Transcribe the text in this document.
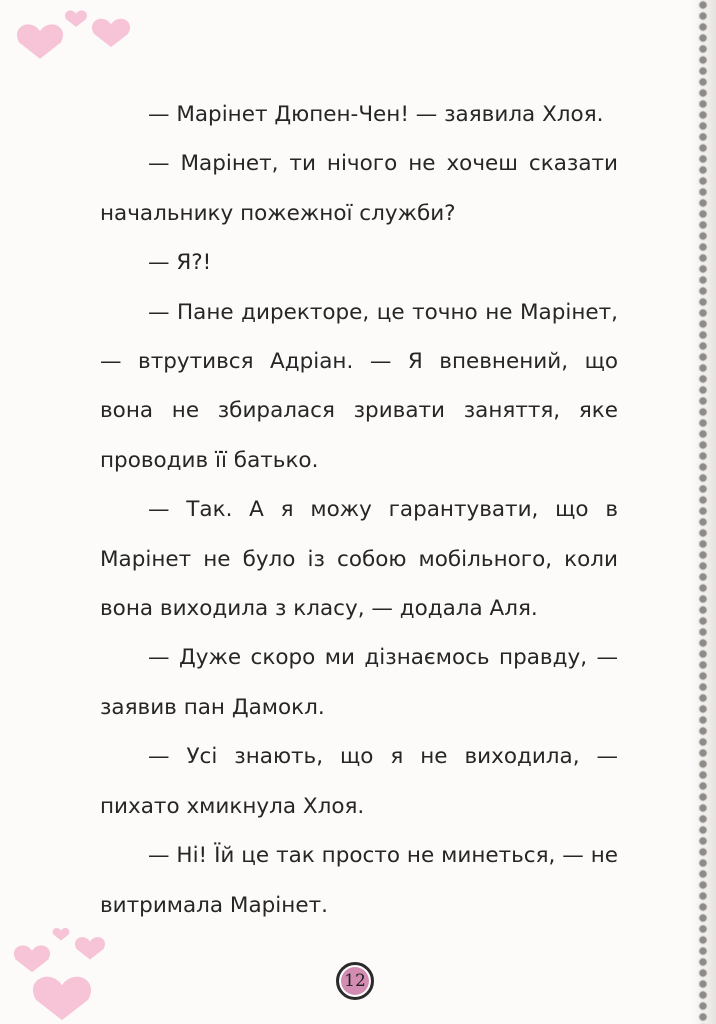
— Марінет Дюпен-Чен! — заявила Хлоя.

— Марінет, ти нічого не хочеш сказати начальнику пожежної служби?

— Я?!

— Пане директоре, це точно не Марінет, — втрутився Адріан. — Я впевнений, що вона не збиралася зривати заняття, яке проводив її батько.

— Так. А я можу гарантувати, що в Марінет не було із собою мобільного, коли вона виходила з класу, — додала Аля.

— Дуже скоро ми дізнаємось правду, — заявив пан Дамокл.

— Усі знають, що я не виходила, — пихато хмикнула Хлоя.

— Ні! Їй це так просто не минеться, — не витримала Марінет.

12
